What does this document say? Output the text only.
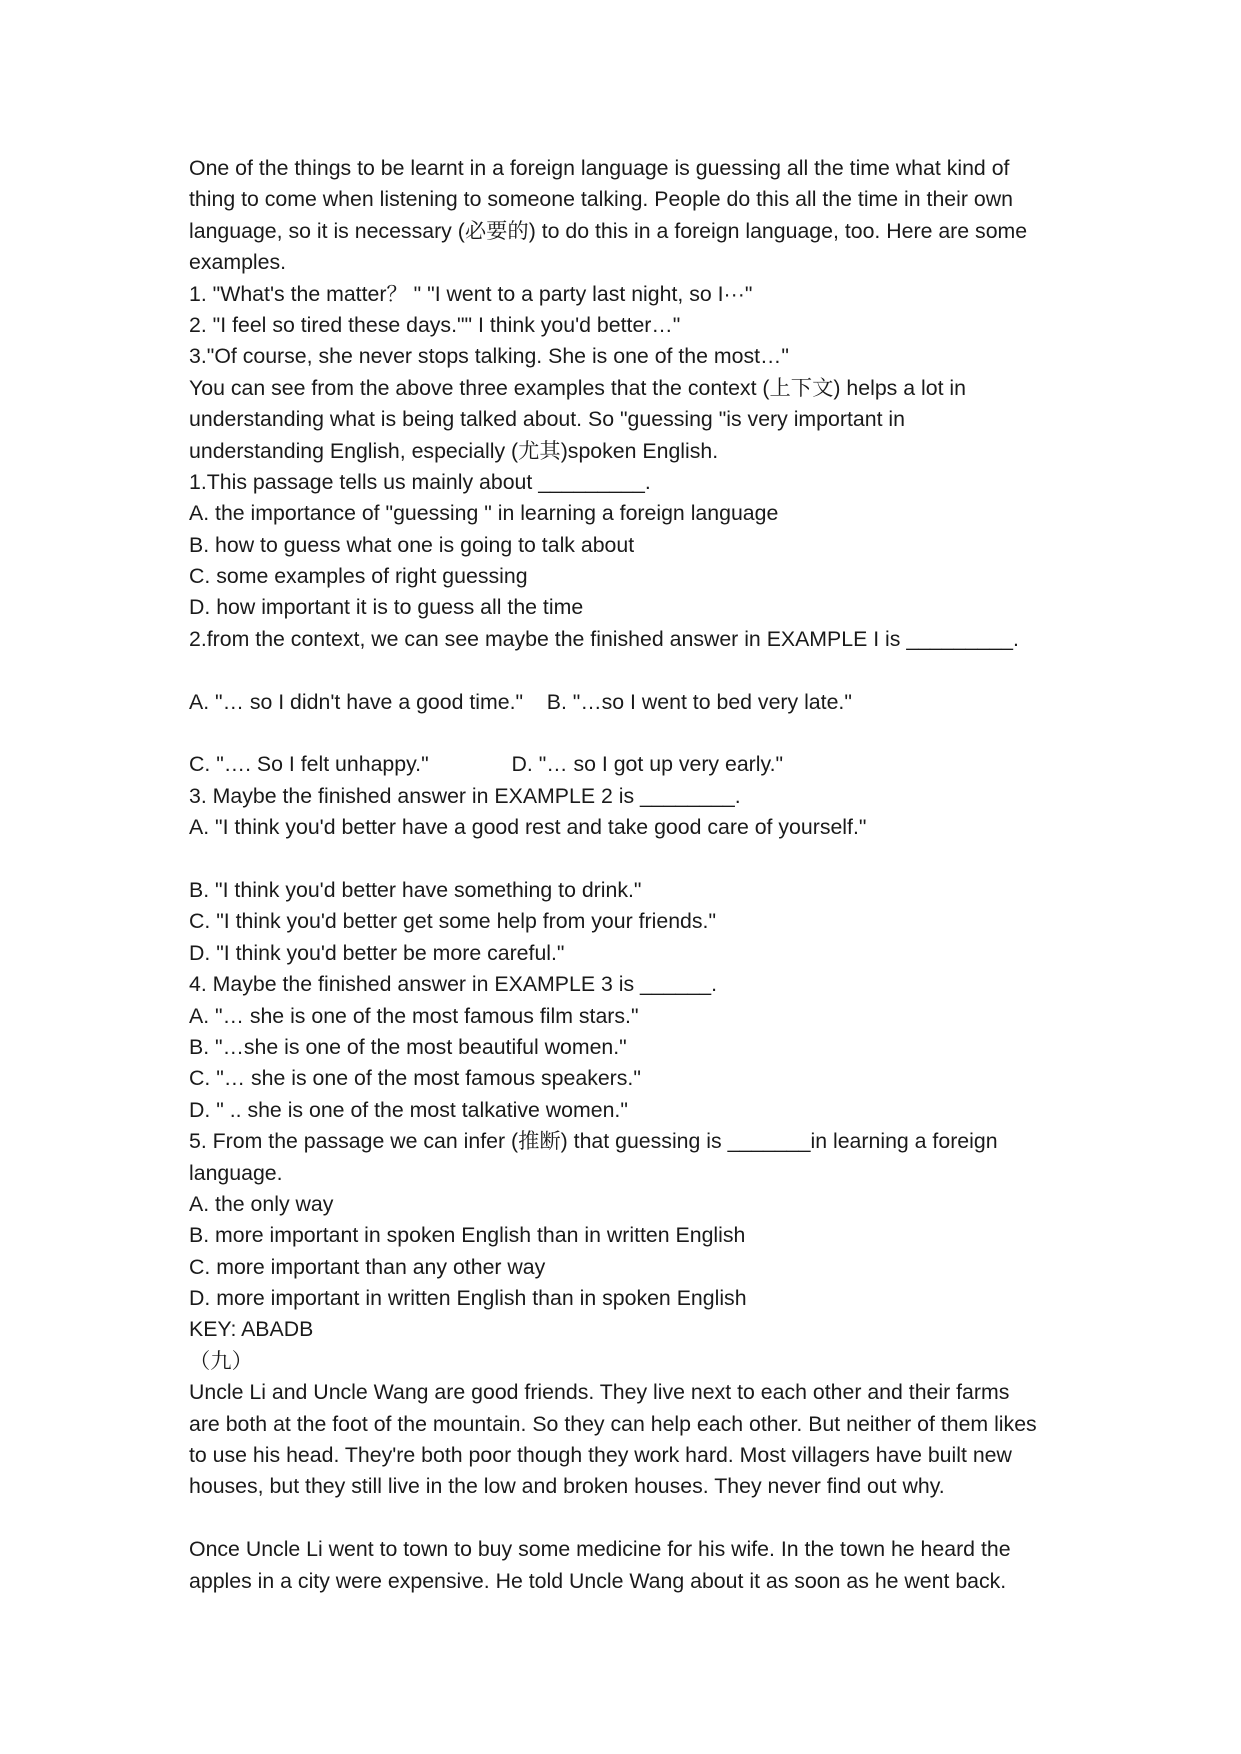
One of the things to be learnt in a foreign language is guessing all the time what kind of
thing to come when listening to someone talking. People do this all the time in their own
language, so it is necessary (必要的) to do this in a foreign language, too. Here are some
examples.
1. "What's the matter？ " "I went to a party last night, so I···"
2. "I feel so tired these days."" I think you'd better…"
3."Of course, she never stops talking. She is one of the most…"
You can see from the above three examples that the context (上下文) helps a lot in
understanding what is being talked about. So "guessing "is very important in
understanding English, especially (尤其)spoken English.
1.This passage tells us mainly about _________.
A. the importance of "guessing " in learning a foreign language
B. how to guess what one is going to talk about
C. some examples of right guessing
D. how important it is to guess all the time
2.from the context, we can see maybe the finished answer in EXAMPLE I is _________.
A. "… so I didn't have a good time."    B. "…so I went to bed very late."
C. "…. So I felt unhappy."              D. "… so I got up very early."
3. Maybe the finished answer in EXAMPLE 2 is ________.
A. "I think you'd better have a good rest and take good care of yourself."
B. "I think you'd better have something to drink."
C. "I think you'd better get some help from your friends."
D. "I think you'd better be more careful."
4. Maybe the finished answer in EXAMPLE 3 is ______.
A. "… she is one of the most famous film stars."
B. "…she is one of the most beautiful women."
C. "… she is one of the most famous speakers."
D. " .. she is one of the most talkative women."
5. From the passage we can infer (推断) that guessing is _______in learning a foreign
language.
A. the only way
B. more important in spoken English than in written English
C. more important than any other way
D. more important in written English than in spoken English
KEY: ABADB
（九）
Uncle Li and Uncle Wang are good friends. They live next to each other and their farms
are both at the foot of the mountain. So they can help each other. But neither of them likes
to use his head. They're both poor though they work hard. Most villagers have built new
houses, but they still live in the low and broken houses. They never find out why.
Once Uncle Li went to town to buy some medicine for his wife. In the town he heard the
apples in a city were expensive. He told Uncle Wang about it as soon as he went back.
